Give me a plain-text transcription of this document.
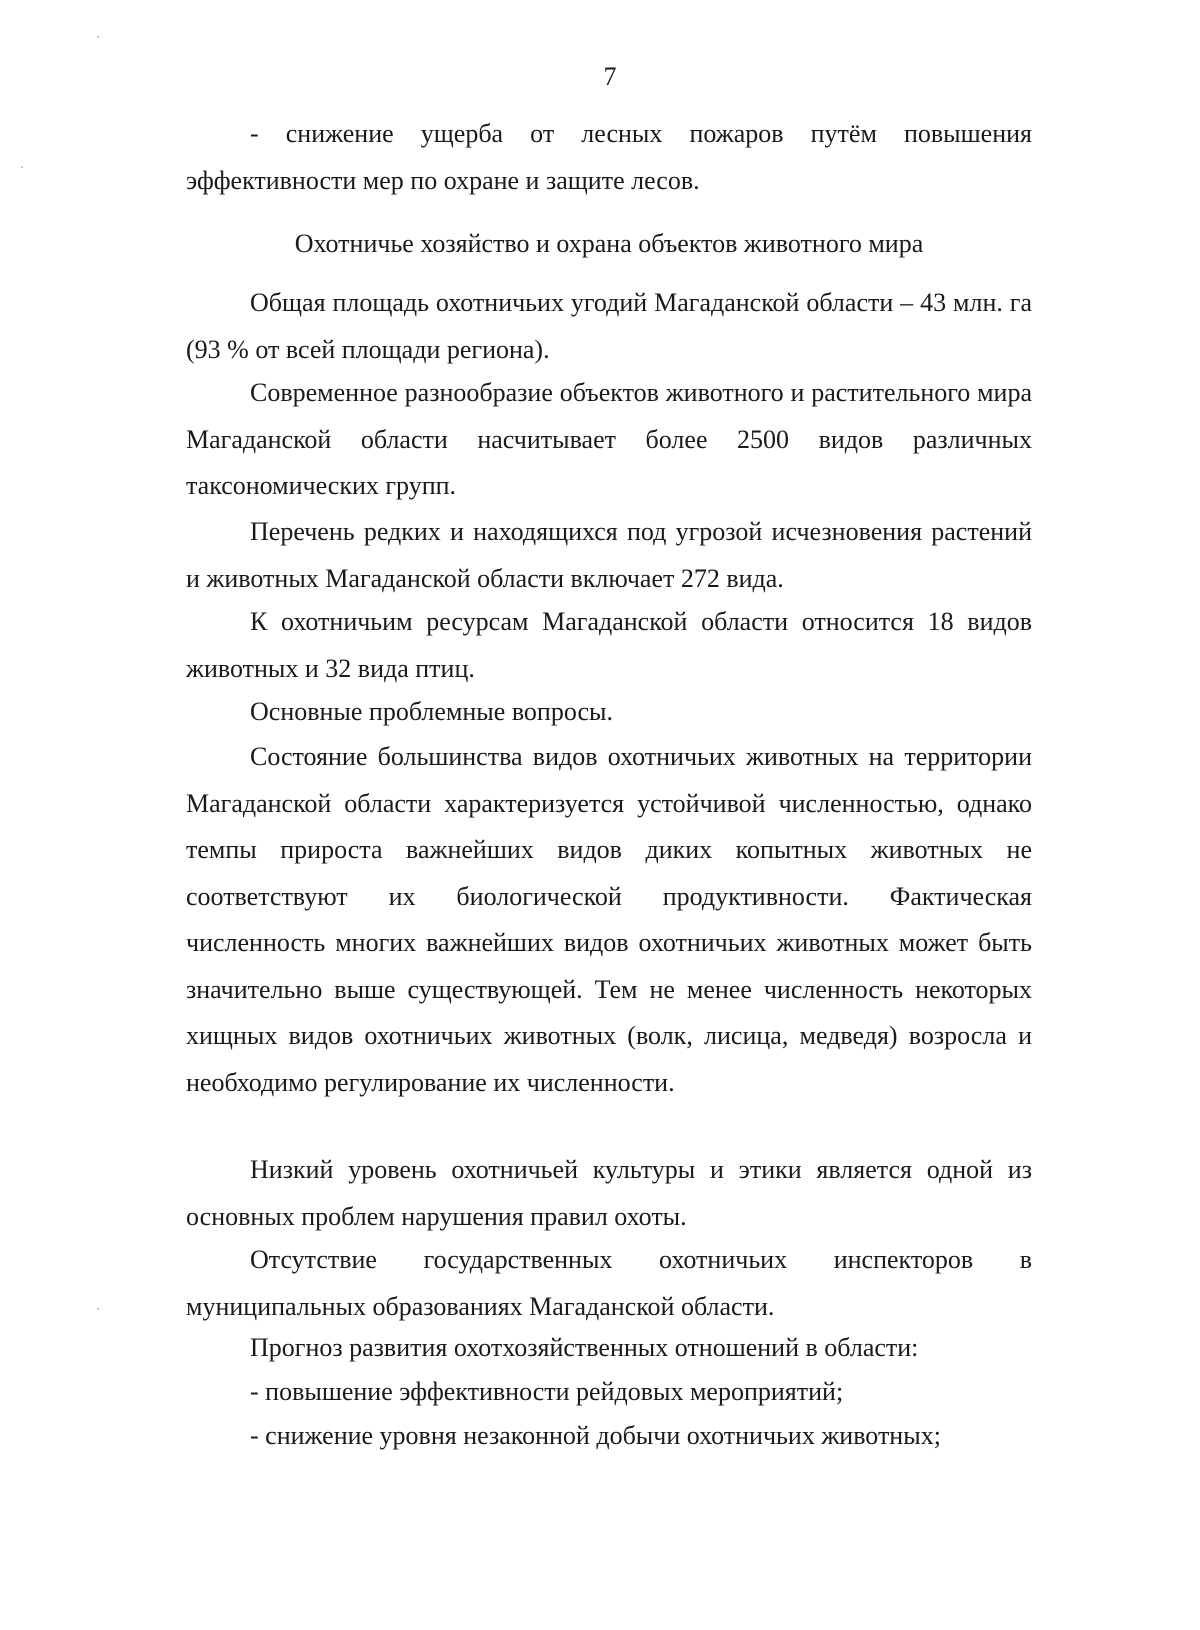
7

- снижение ущерба от лесных пожаров путём повышения эффективности мер по охране и защите лесов.

Охотничье хозяйство и охрана объектов животного мира

Общая площадь охотничьих угодий Магаданской области – 43 млн. га (93 % от всей площади региона).

Современное разнообразие объектов животного и растительного мира Магаданской области насчитывает более 2500 видов различных таксономических групп.

Перечень редких и находящихся под угрозой исчезновения растений и животных Магаданской области включает 272 вида.

К охотничьим ресурсам Магаданской области относится 18 видов животных и 32 вида птиц.

Основные проблемные вопросы.

Состояние большинства видов охотничьих животных на территории Магаданской области характеризуется устойчивой численностью, однако темпы прироста важнейших видов диких копытных животных не соответствуют их биологической продуктивности. Фактическая численность многих важнейших видов охотничьих животных может быть значительно выше существующей. Тем не менее численность некоторых хищных видов охотничьих животных (волк, лисица, медведя) возросла и необходимо регулирование их численности.

Низкий уровень охотничьей культуры и этики является одной из основных проблем нарушения правил охоты.

Отсутствие государственных охотничьих инспекторов в муниципальных образованиях Магаданской области.

Прогноз развития охотхозяйственных отношений в области:

- повышение эффективности рейдовых мероприятий;

- снижение уровня незаконной добычи охотничьих животных;
